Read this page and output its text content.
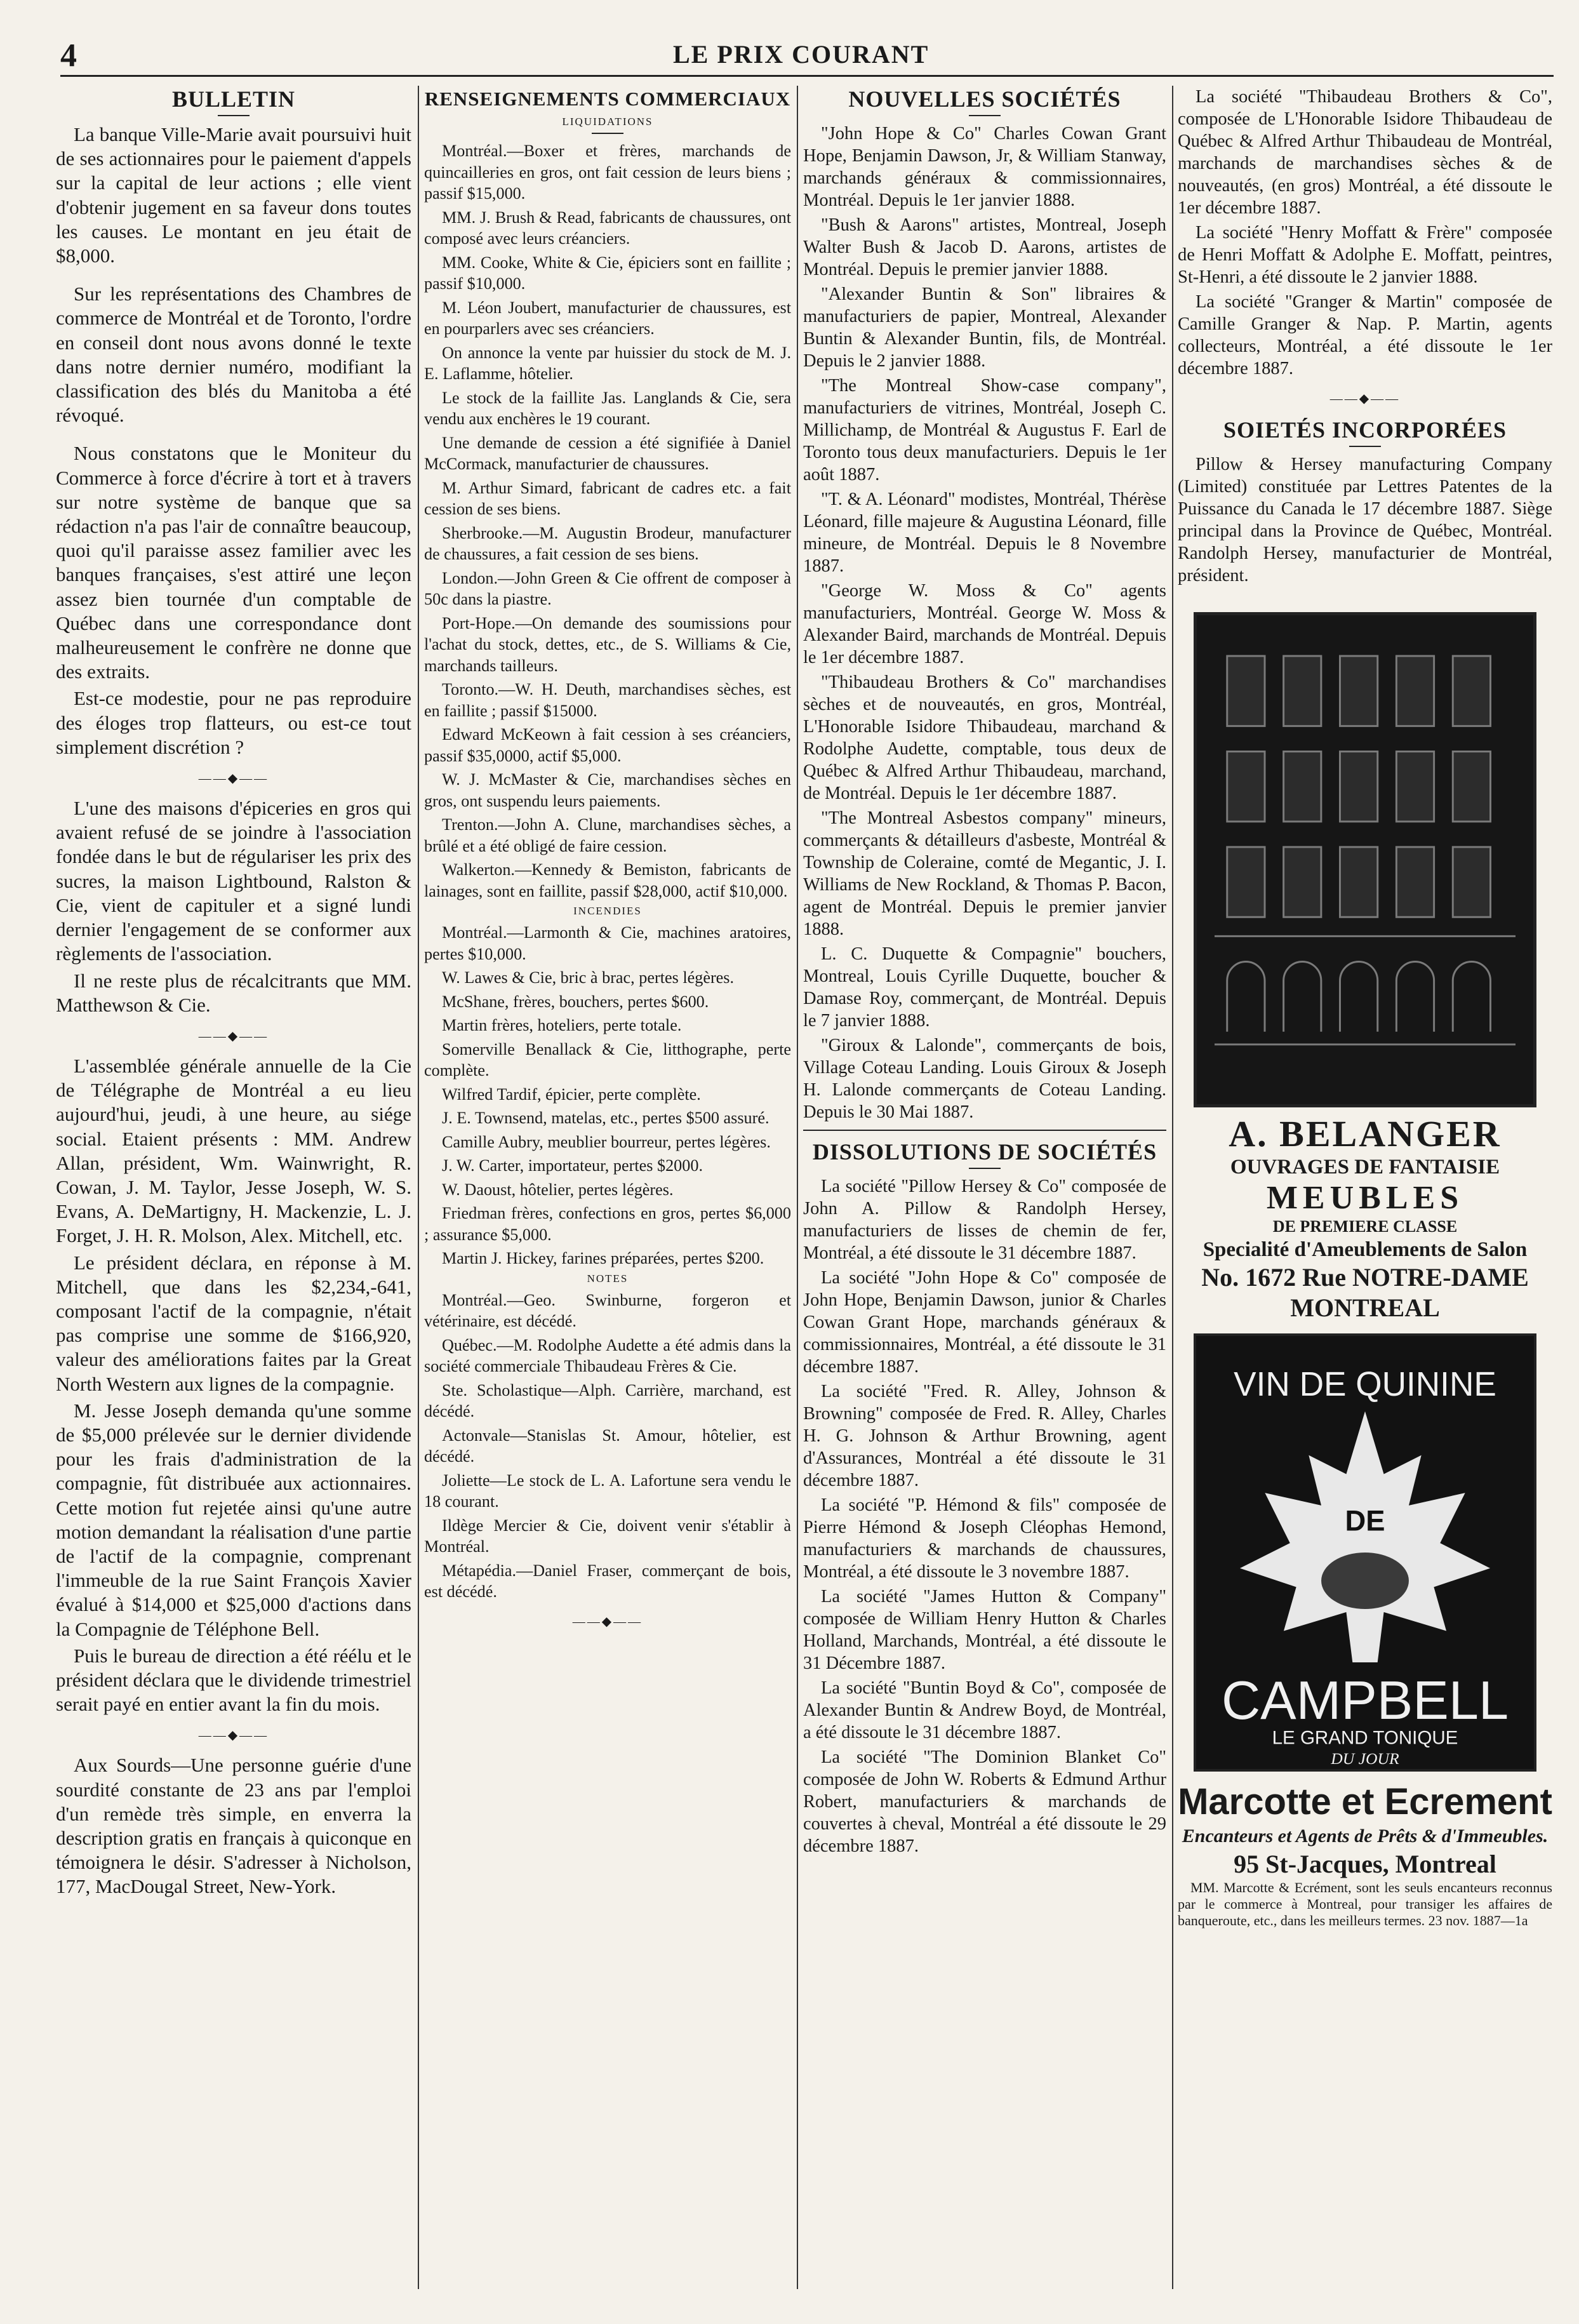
4	LE PRIX COURANT
BULLETIN

La banque Ville-Marie avait poursuivi huit de ses actionnaires pour le paiement d'appels sur la capital de leur actions ; elle vient d'obtenir jugement en sa faveur dons toutes les causes. Le montant en jeu était de $8,000.

Sur les représentations des Chambres de commerce de Montréal et de Toronto, l'ordre en conseil dont nous avons donné le texte dans notre dernier numéro, modifiant la classification des blés du Manitoba a été révoqué.

Nous constatons que le Moniteur du Commerce à force d'écrire à tort et à travers sur notre système de banque que sa rédaction n'a pas l'air de connaître beaucoup, quoi qu'il paraisse assez familier avec les banques françaises, s'est attiré une leçon assez bien tournée d'un comptable de Québec dans une correspondance dont malheureusement le confrère ne donne que des extraits.

Est-ce modestie, pour ne pas reproduire des éloges trop flatteurs, ou est-ce tout simplement discrétion ?

——◆——

L'une des maisons d'épiceries en gros qui avaient refusé de se joindre à l'association fondée dans le but de régulariser les prix des sucres, la maison Lightbound, Ralston & Cie, vient de capituler et a signé lundi dernier l'engagement de se conformer aux règlements de l'association.

Il ne reste plus de récalcitrants que MM. Matthewson & Cie.

——◆——

L'assemblée générale annuelle de la Cie de Télégraphe de Montréal a eu lieu aujourd'hui, jeudi, à une heure, au siége social. Etaient présents : MM. Andrew Allan, président, Wm. Wainwright, R. Cowan, J. M. Taylor, Jesse Joseph, W. S. Evans, A. DeMartigny, H. Mackenzie, L. J. Forget, J. H. R. Molson, Alex. Mitchell, etc.

Le président déclara, en réponse à M. Mitchell, que dans les $2,234,-641, composant l'actif de la compagnie, n'était pas comprise une somme de $166,920, valeur des améliorations faites par la Great North Western aux lignes de la compagnie.

M. Jesse Joseph demanda qu'une somme de $5,000 prélevée sur le dernier dividende pour les frais d'administration de la compagnie, fût distribuée aux actionnaires. Cette motion fut rejetée ainsi qu'une autre motion demandant la réalisation d'une partie de l'actif de la compagnie, comprenant l'immeuble de la rue Saint François Xavier évalué à $14,000 et $25,000 d'actions dans la Compagnie de Téléphone Bell.

Puis le bureau de direction a été réélu et le président déclara que le dividende trimestriel serait payé en entier avant la fin du mois.

——◆——

Aux Sourds—Une personne guérie d'une sourdité constante de 23 ans par l'emploi d'un remède très simple, en enverra la description gratis en français à quiconque en témoignera le désir. S'adresser à Nicholson, 177, MacDougal Street, New-York.

RENSEIGNEMENTS COMMERCIAUX
LIQUIDATIONS

Montréal.—Boxer et frères, marchands de quincailleries en gros, ont fait cession de leurs biens ; passif $15,000.

MM. J. Brush & Read, fabricants de chaussures, ont composé avec leurs créanciers.

MM. Cooke, White & Cie, épiciers sont en faillite ; passif $10,000.

M. Léon Joubert, manufacturier de chaussures, est en pourparlers avec ses créanciers.

On annonce la vente par huissier du stock de M. J. E. Laflamme, hôtelier.

Le stock de la faillite Jas. Langlands & Cie, sera vendu aux enchères le 19 courant.

Une demande de cession a été signifiée à Daniel McCormack, manufacturier de chaussures.

M. Arthur Simard, fabricant de cadres etc. a fait cession de ses biens.

Sherbrooke.—M. Augustin Brodeur, manufacturer de chaussures, a fait cession de ses biens.

London.—John Green & Cie offrent de composer à 50c dans la piastre.

Port-Hope.—On demande des soumissions pour l'achat du stock, dettes, etc., de S. Williams & Cie, marchands tailleurs.

Toronto.—W. H. Deuth, marchandises sèches, est en faillite ; passif $15000.

Edward McKeown à fait cession à ses créanciers, passif $35,0000, actif $5,000.

W. J. McMaster & Cie, marchandises sèches en gros, ont suspendu leurs paiements.

Trenton.—John A. Clune, marchandises sèches, a brûlé et a été obligé de faire cession.

Walkerton.—Kennedy & Bemiston, fabricants de lainages, sont en faillite, passif $28,000, actif $10,000.

INCENDIES

Montréal.—Larmonth & Cie, machines aratoires, pertes $10,000.

W. Lawes & Cie, bric à brac, pertes légères.

McShane, frères, bouchers, pertes $600.

Martin frères, hoteliers, perte totale.

Somerville Benallack & Cie, litthographe, perte complète.

Wilfred Tardif, épicier, perte complète.

J. E. Townsend, matelas, etc., pertes $500 assuré.

Camille Aubry, meublier bourreur, pertes légères.

J. W. Carter, importateur, pertes $2000.

W. Daoust, hôtelier, pertes légères.

Friedman frères, confections en gros, pertes $6,000 ; assurance $5,000.

Martin J. Hickey, farines préparées, pertes $200.

NOTES

Montréal.—Geo. Swinburne, forgeron et vétérinaire, est décédé.

Québec.—M. Rodolphe Audette a été admis dans la société commerciale Thibaudeau Frères & Cie.

Ste. Scholastique—Alph. Carrière, marchand, est décédé.

Actonvale—Stanislas St. Amour, hôtelier, est décédé.

Joliette—Le stock de L. A. Lafortune sera vendu le 18 courant.

Ildège Mercier & Cie, doivent venir s'établir à Montréal.

Métapédia.—Daniel Fraser, commerçant de bois, est décédé.

——◆——
NOUVELLES SOCIÉTÉS

"John Hope & Co" Charles Cowan Grant Hope, Benjamin Dawson, Jr, & William Stanway, marchands généraux & commissionnaires, Montréal. Depuis le 1er janvier 1888.

"Bush & Aarons" artistes, Montreal, Joseph Walter Bush & Jacob D. Aarons, artistes de Montréal. Depuis le premier janvier 1888.

"Alexander Buntin & Son" libraires & manufacturiers de papier, Montreal, Alexander Buntin & Alexander Buntin, fils, de Montréal. Depuis le 2 janvier 1888.

"The Montreal Show-case company", manufacturiers de vitrines, Montréal, Joseph C. Millichamp, de Montréal & Augustus F. Earl de Toronto tous deux manufacturiers. Depuis le 1er août 1887.

"T. & A. Léonard" modistes, Montréal, Thérèse Léonard, fille majeure & Augustina Léonard, fille mineure, de Montréal. Depuis le 8 Novembre 1887.

"George W. Moss & Co" agents manufacturiers, Montréal. George W. Moss & Alexander Baird, marchands de Montréal. Depuis le 1er décembre 1887.

"Thibaudeau Brothers & Co" marchandises sèches et de nouveautés, en gros, Montréal, L'Honorable Isidore Thibaudeau, marchand & Rodolphe Audette, comptable, tous deux de Québec & Alfred Arthur Thibaudeau, marchand, de Montréal. Depuis le 1er décembre 1887.

"The Montreal Asbestos company" mineurs, commerçants & détailleurs d'asbeste, Montréal & Township de Coleraine, comté de Megantic, J. I. Williams de New Rockland, & Thomas P. Bacon, agent de Montréal. Depuis le premier janvier 1888.

L. C. Duquette & Compagnie" bouchers, Montreal, Louis Cyrille Duquette, boucher & Damase Roy, commerçant, de Montréal. Depuis le 7 janvier 1888.

"Giroux & Lalonde", commerçants de bois, Village Coteau Landing. Louis Giroux & Joseph H. Lalonde commerçants de Coteau Landing. Depuis le 30 Mai 1887.

DISSOLUTIONS DE SOCIÉTÉS

La société "Pillow Hersey & Co" composée de John A. Pillow & Randolph Hersey, manufacturiers de lisses de chemin de fer, Montréal, a été dissoute le 31 décembre 1887.

La société "John Hope & Co" composée de John Hope, Benjamin Dawson, junior & Charles Cowan Grant Hope, marchands généraux & commissionnaires, Montréal, a été dissoute le 31 décembre 1887.

La société "Fred. R. Alley, Johnson & Browning" composée de Fred. R. Alley, Charles H. G. Johnson & Arthur Browning, agent d'Assurances, Montréal a été dissoute le 31 décembre 1887.

La société "P. Hémond & fils" composée de Pierre Hémond & Joseph Cléophas Hemond, manufacturiers & marchands de chaussures, Montréal, a été dissoute le 3 novembre 1887.

La société "James Hutton & Company" composée de William Henry Hutton & Charles Holland, Marchands, Montréal, a été dissoute le 31 Décembre 1887.

La société "Buntin Boyd & Co", composée de Alexander Buntin & Andrew Boyd, de Montréal, a été dissoute le 31 décembre 1887.

La société "The Dominion Blanket Co" composée de John W. Roberts & Edmund Arthur Robert, manufacturiers & marchands de couvertes à cheval, Montréal a été dissoute le 29 décembre 1887.

La société "Thibaudeau Brothers & Co", composée de L'Honorable Isidore Thibaudeau de Québec & Alfred Arthur Thibaudeau de Montréal, marchands de marchandises sèches & de nouveautés, (en gros) Montréal, a été dissoute le 1er décembre 1887.

La société "Henry Moffatt & Frère" composée de Henri Moffatt & Adolphe E. Moffatt, peintres, St-Henri, a été dissoute le 2 janvier 1888.

La société "Granger & Martin" composée de Camille Granger & Nap. P. Martin, agents collecteurs, Montréal, a été dissoute le 1er décembre 1887.

——◆——
SOIETÉS INCORPORÉES

Pillow & Hersey manufacturing Company (Limited) constituée par Lettres Patentes de la Puissance du Canada le 17 décembre 1887. Siège principal dans la Province de Québec, Montréal. Randolph Hersey, manufacturier de Montréal, président.

A. BELANGER
OUVRAGES DE FANTAISIE
MEUBLES
DE PREMIERE CLASSE
Specialité d'Ameublements de Salon
No. 1672 Rue NOTRE-DAME
MONTREAL
VIN DE QUININE
DE
CAMPBELL
LE GRAND TONIQUE
DU JOUR
Marcotte et Ecrement
Encanteurs et Agents de Prêts & d'Immeubles.
95 St-Jacques, Montreal

MM. Marcotte & Ecrément, sont les seuls encanteurs reconnus par le commerce à Montreal, pour transiger les affaires de banqueroute, etc., dans les meilleurs termes. 23 nov. 1887—1a
